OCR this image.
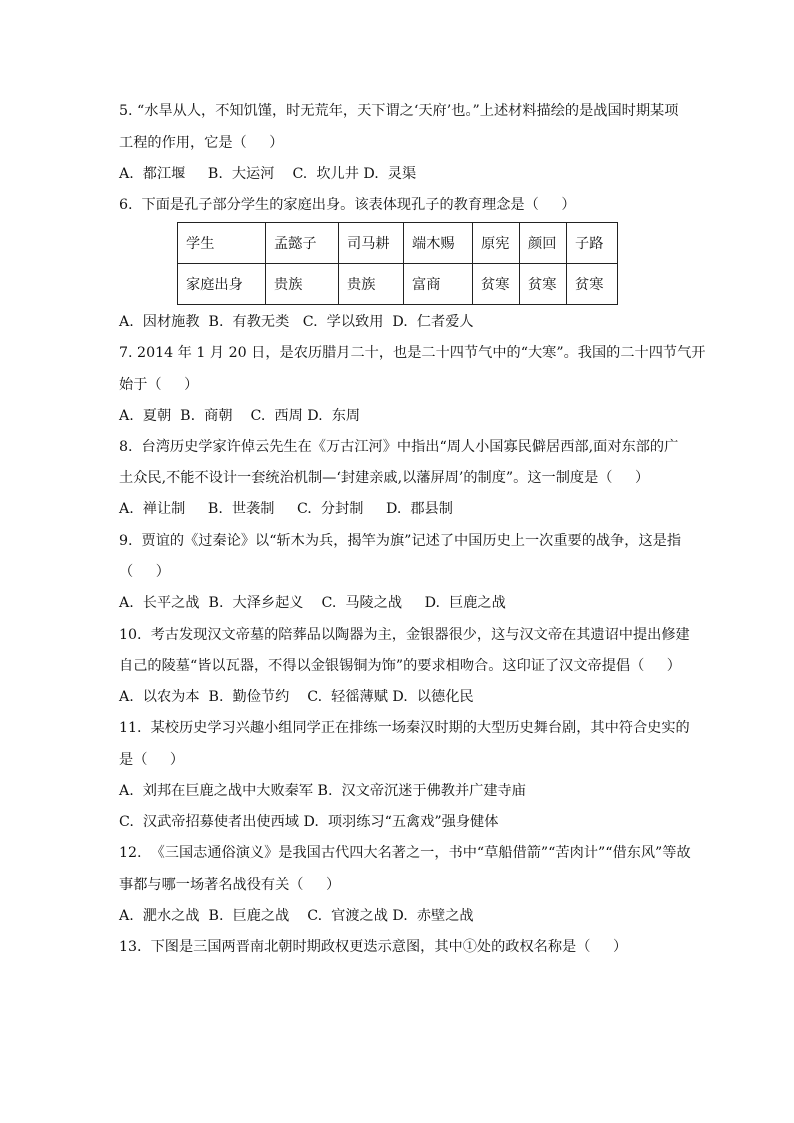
5. “水旱从人，不知饥馑，时无荒年，天下谓之‘天府’也。”上述材料描绘的是战国时期某项
工程的作用，它是（     ）
A.  都江堰     B.  大运河    C.  坎儿井 D.  灵渠
6.  下面是孔子部分学生的家庭出身。该表体现孔子的教育理念是（     ）
学生	孟懿子	司马耕	端木赐	原宪	颜回	子路
家庭出身	贵族	贵族	富商	贫寒	贫寒	贫寒
A.  因材施教  B.  有教无类   C.  学以致用  D.  仁者爱人
7. 2014 年 1 月 20 日，是农历腊月二十，也是二十四节气中的“大寒”。我国的二十四节气开
始于（     ）
A.  夏朝  B.  商朝    C.  西周 D.  东周
8.  台湾历史学家许倬云先生在《万古江河》中指出“周人小国寡民僻居西部,面对东部的广
土众民,不能不设计一套统治机制—‘封建亲戚,以藩屏周’的制度”。这一制度是（     ）
A.  禅让制     B.  世袭制     C.  分封制     D.  郡县制
9.  贾谊的《过秦论》以“斩木为兵，揭竿为旗”记述了中国历史上一次重要的战争，这是指
（     ）
A.  长平之战  B.  大泽乡起义    C.  马陵之战     D.  巨鹿之战
10.  考古发现汉文帝墓的陪葬品以陶器为主，金银器很少，这与汉文帝在其遗诏中提出修建
自己的陵墓“皆以瓦器，不得以金银锡铜为饰”的要求相吻合。这印证了汉文帝提倡（     ）
A.  以农为本  B.  勤俭节约    C.  轻徭薄赋 D.  以德化民
11.  某校历史学习兴趣小组同学正在排练一场秦汉时期的大型历史舞台剧，其中符合史实的
是（     ）
A.  刘邦在巨鹿之战中大败秦军 B.  汉文帝沉迷于佛教并广建寺庙
C.  汉武帝招募使者出使西域 D.  项羽练习“五禽戏”强身健体
12.  《三国志通俗演义》是我国古代四大名著之一，书中“草船借箭”“苦肉计”“借东风”等故
事都与哪一场著名战役有关（     ）
A.  淝水之战  B.  巨鹿之战    C.  官渡之战 D.  赤壁之战
13.  下图是三国两晋南北朝时期政权更迭示意图，其中①处的政权名称是（     ）
